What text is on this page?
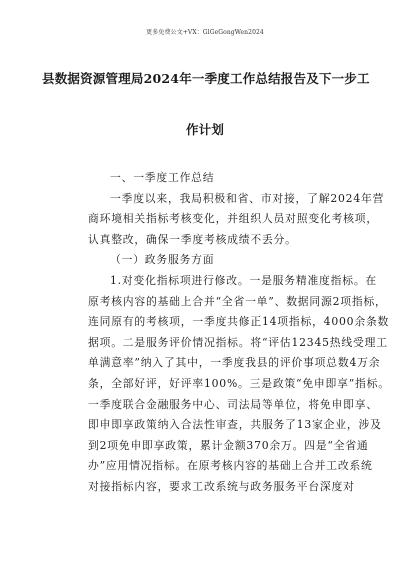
更多免费公文+VX：GlGeGongWen2024
县数据资源管理局2024年一季度工作总结报告及下一步工
作计划
一、一季度工作总结
一季度以来，我局积极和省、市对接，了解2024年营
商环境相关指标考核变化，并组织人员对照变化考核项，
认真整改，确保一季度考核成绩不丢分。
（一）政务服务方面
1.对变化指标项进行修改。一是服务精准度指标。在
原考核内容的基础上合并“全省一单”、数据同源2项指标，
连同原有的考核项，一季度共修正14项指标，4000余条数
据项。二是服务评价情况指标。将“评估12345热线受理工
单满意率”纳入了其中，一季度我县的评价事项总数4万余
条，全部好评，好评率100%。三是政策“免申即享”指标。
一季度联合金融服务中心、司法局等单位，将免申即享、
即申即享政策纳入合法性审查，共服务了13家企业，涉及
到2项免申即享政策，累计金额370余万。四是“全省通
办”应用情况指标。在原考核内容的基础上合并工改系统
对接指标内容，要求工改系统与政务服务平台深度对
